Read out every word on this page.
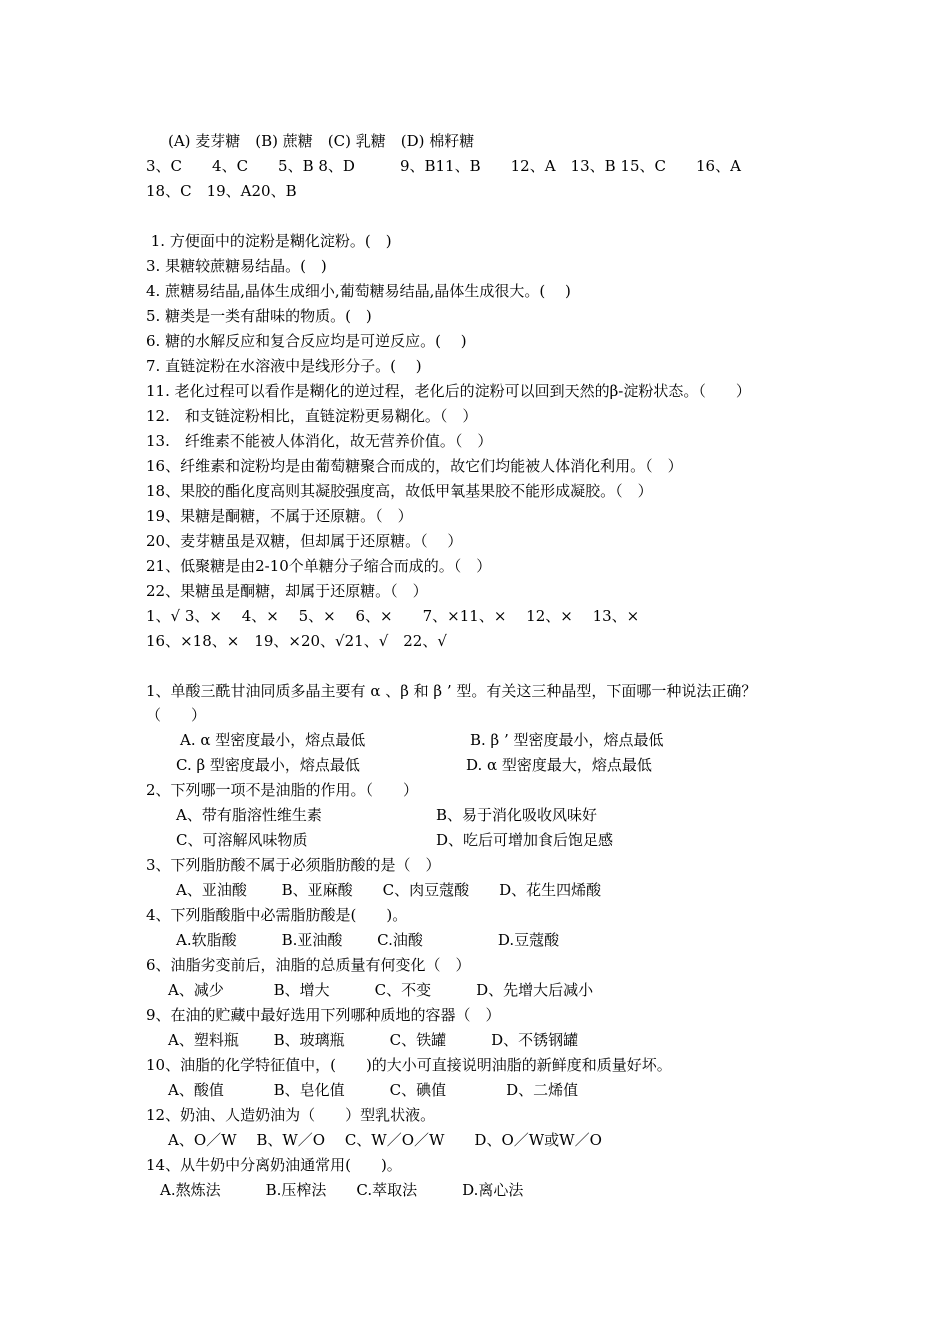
(A) 麦芽糖　(B) 蔗糖　(C) 乳糖　(D) 棉籽糖
3、C　　4、C　　5、B 8、D　　　9、B11、B　　12、A　13、B 15、C　　16、A
18、C　19、A20、B
1. 方便面中的淀粉是糊化淀粉。(　)
3. 果糖较蔗糖易结晶。(　)
4. 蔗糖易结晶,晶体生成细小,葡萄糖易结晶,晶体生成很大。(　 )
5. 糖类是一类有甜味的物质。(　)
6. 糖的水解反应和复合反应均是可逆反应。(　 )
7. 直链淀粉在水溶液中是线形分子。(　 )
11. 老化过程可以看作是糊化的逆过程，老化后的淀粉可以回到天然的β-淀粉状态。（　　）
12.　和支链淀粉相比，直链淀粉更易糊化。（　）
13.　纤维素不能被人体消化，故无营养价值。（　）
16、纤维素和淀粉均是由葡萄糖聚合而成的，故它们均能被人体消化利用。（　）
18、果胶的酯化度高则其凝胶强度高，故低甲氧基果胶不能形成凝胶。（　）
19、果糖是酮糖，不属于还原糖。（　）
20、麦芽糖虽是双糖，但却属于还原糖。（　 ）
21、低聚糖是由2-10个单糖分子缩合而成的。（　）
22、果糖虽是酮糖，却属于还原糖。（　）
1、√ 3、×　 4、×　 5、×　 6、×　　7、×11、×　 12、×　 13、×
16、×18、×　19、×20、√21、√　22、√
1、单酸三酰甘油同质多晶主要有 α 、β 和 β ’ 型。有关这三种晶型，下面哪一种说法正确？
（　　）
A. α 型密度最小，熔点最低	B. β ’ 型密度最小，熔点最低
C. β 型密度最小，熔点最低	D. α 型密度最大，熔点最低
2、下列哪一项不是油脂的作用。（　　）
A、带有脂溶性维生素	B、易于消化吸收风味好
C、可溶解风味物质	D、吃后可增加食后饱足感
3、下列脂肪酸不属于必须脂肪酸的是（　）
A、亚油酸　　 B、亚麻酸　　C、肉豆蔻酸　　D、花生四烯酸
4、下列脂酸脂中必需脂肪酸是(　　)。
A.软脂酸　　　B.亚油酸　　 C.油酸　　　　　D.豆蔻酸
6、油脂劣变前后，油脂的总质量有何变化（　）
A、减少　　　 B、增大　　　C、不变　　　D、先增大后减小
9、在油的贮藏中最好选用下列哪种质地的容器（　）
A、塑料瓶　　 B、玻璃瓶　　　C、铁罐　　　D、不锈钢罐
10、油脂的化学特征值中，(　　)的大小可直接说明油脂的新鲜度和质量好坏。
A、酸值　　　 B、皂化值　　　C、碘值　　　　D、二烯值
12、奶油、人造奶油为（　　）型乳状液。
A、O／W　 B、W／O　 C、W／O／W　　D、O／W或W／O
14、从牛奶中分离奶油通常用(　　)。
A.熬炼法　　　B.压榨法　　C.萃取法　　　D.离心法
